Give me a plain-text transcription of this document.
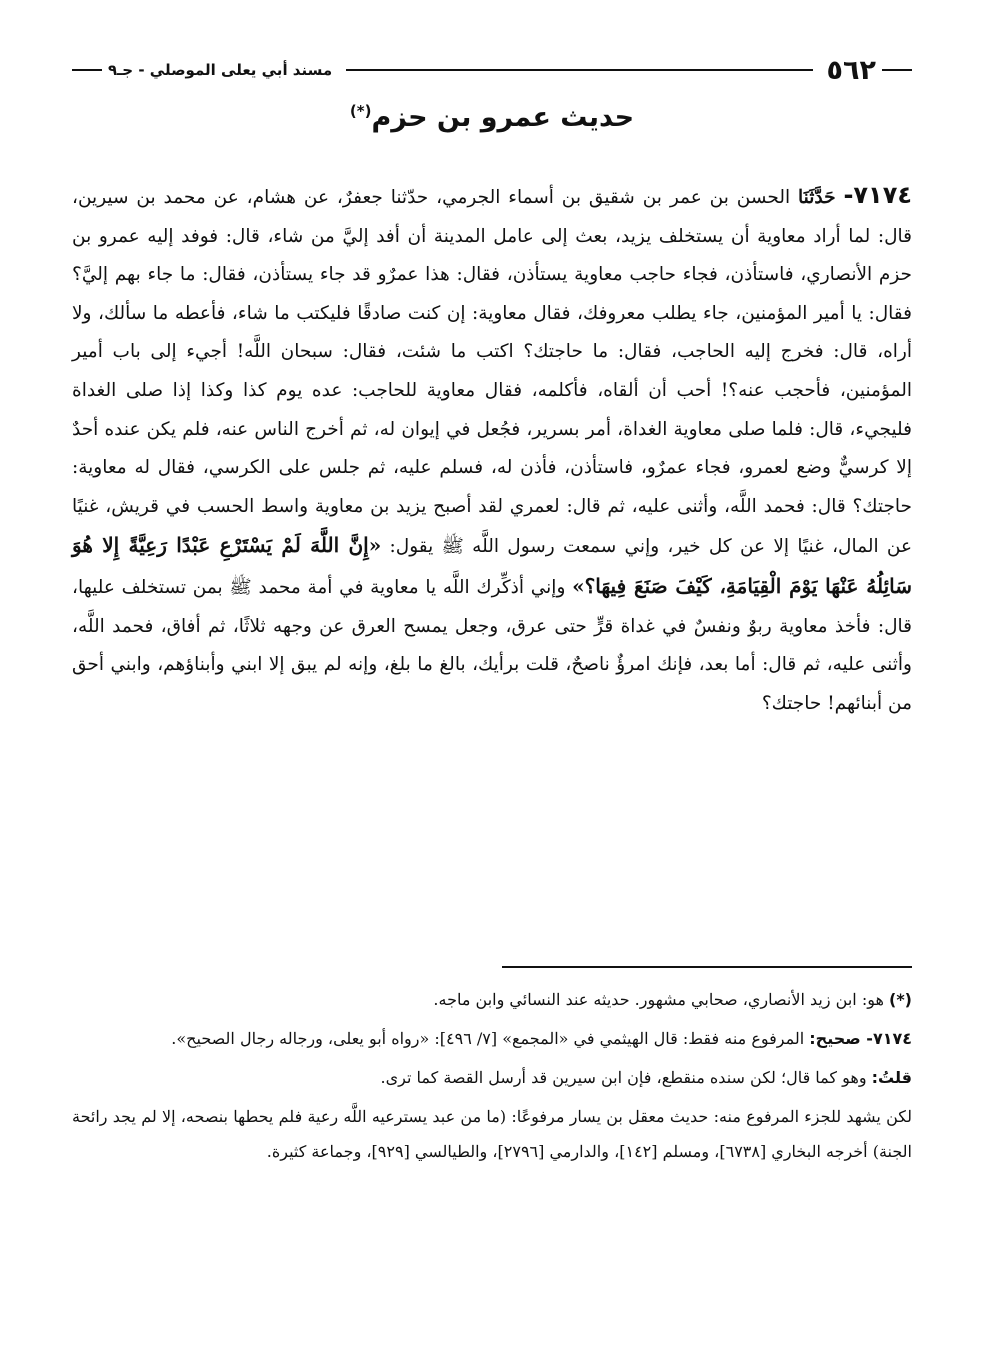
٥٦٢
مسند أبي يعلى الموصلي - جـ٩
حديث عمرو بن حزم(*)
٧١٧٤- حَدَّثَنَا الحسن بن عمر بن شقيق بن أسماء الجرمي، حدّثنا جعفرٌ، عن هشام، عن محمد بن سيرين، قال: لما أراد معاوية أن يستخلف يزيد، بعث إلى عامل المدينة أن أفد إليَّ من شاء، قال: فوفد إليه عمرو بن حزم الأنصاري، فاستأذن، فجاء حاجب معاوية يستأذن، فقال: هذا عمرٌو قد جاء يستأذن، فقال: ما جاء بهم إليَّ؟ فقال: يا أمير المؤمنين، جاء يطلب معروفك، فقال معاوية: إن كنت صادقًا فليكتب ما شاء، فأعطه ما سألك، ولا أراه، قال: فخرج إليه الحاجب، فقال: ما حاجتك؟ اكتب ما شئت، فقال: سبحان اللَّه! أجيء إلى باب أمير المؤمنين، فأحجب عنه؟! أحب أن ألقاه، فأكلمه، فقال معاوية للحاجب: عده يوم كذا وكذا إذا صلى الغداة فليجيء، قال: فلما صلى معاوية الغداة، أمر بسرير، فجُعل في إيوان له، ثم أخرج الناس عنه، فلم يكن عنده أحدٌ إلا كرسيٌّ وضع لعمرو، فجاء عمرٌو، فاستأذن، فأذن له، فسلم عليه، ثم جلس على الكرسي، فقال له معاوية: حاجتك؟ قال: فحمد اللَّه، وأثنى عليه، ثم قال: لعمري لقد أصبح يزيد بن معاوية واسط الحسب في قريش، غنيًا عن المال، غنيًا إلا عن كل خير، وإني سمعت رسول اللَّه ﷺ يقول: «إِنَّ اللَّهَ لَمْ يَسْتَرْعِ عَبْدًا رَعِيَّةً إِلا هُوَ سَائِلُهُ عَنْهَا يَوْمَ الْقِيَامَةِ، كَيْفَ صَنَعَ فِيهَا؟» وإني أذكِّرك اللَّه يا معاوية في أمة محمد ﷺ بمن تستخلف عليها، قال: فأخذ معاوية ربوٌ ونفسٌ في غداة قرٍّ حتى عرق، وجعل يمسح العرق عن وجهه ثلاثًا، ثم أفاق، فحمد اللَّه، وأثنى عليه، ثم قال: أما بعد، فإنك امرؤٌ ناصحٌ، قلت برأيك، بالغ ما بلغ، وإنه لم يبق إلا ابني وأبناؤهم، وابني أحق من أبنائهم! حاجتك؟

(*) هو: ابن زيد الأنصاري، صحابي مشهور. حديثه عند النسائي وابن ماجه.

٧١٧٤- صحيح: المرفوع منه فقط: قال الهيثمي في «المجمع» [٧/ ٤٩٦]: «رواه أبو يعلى، ورجاله رجال الصحيح».

قلتُ: وهو كما قال؛ لكن سنده منقطع، فإن ابن سيرين قد أرسل القصة كما ترى.

لكن يشهد للجزء المرفوع منه: حديث معقل بن يسار مرفوعًا: (ما من عبد يسترعيه اللَّه رعية فلم يحطها بنصحه، إلا لم يجد رائحة الجنة) أخرجه البخاري [٦٧٣٨]، ومسلم [١٤٢]، والدارمي [٢٧٩٦]، والطيالسي [٩٢٩]، وجماعة كثيرة.
